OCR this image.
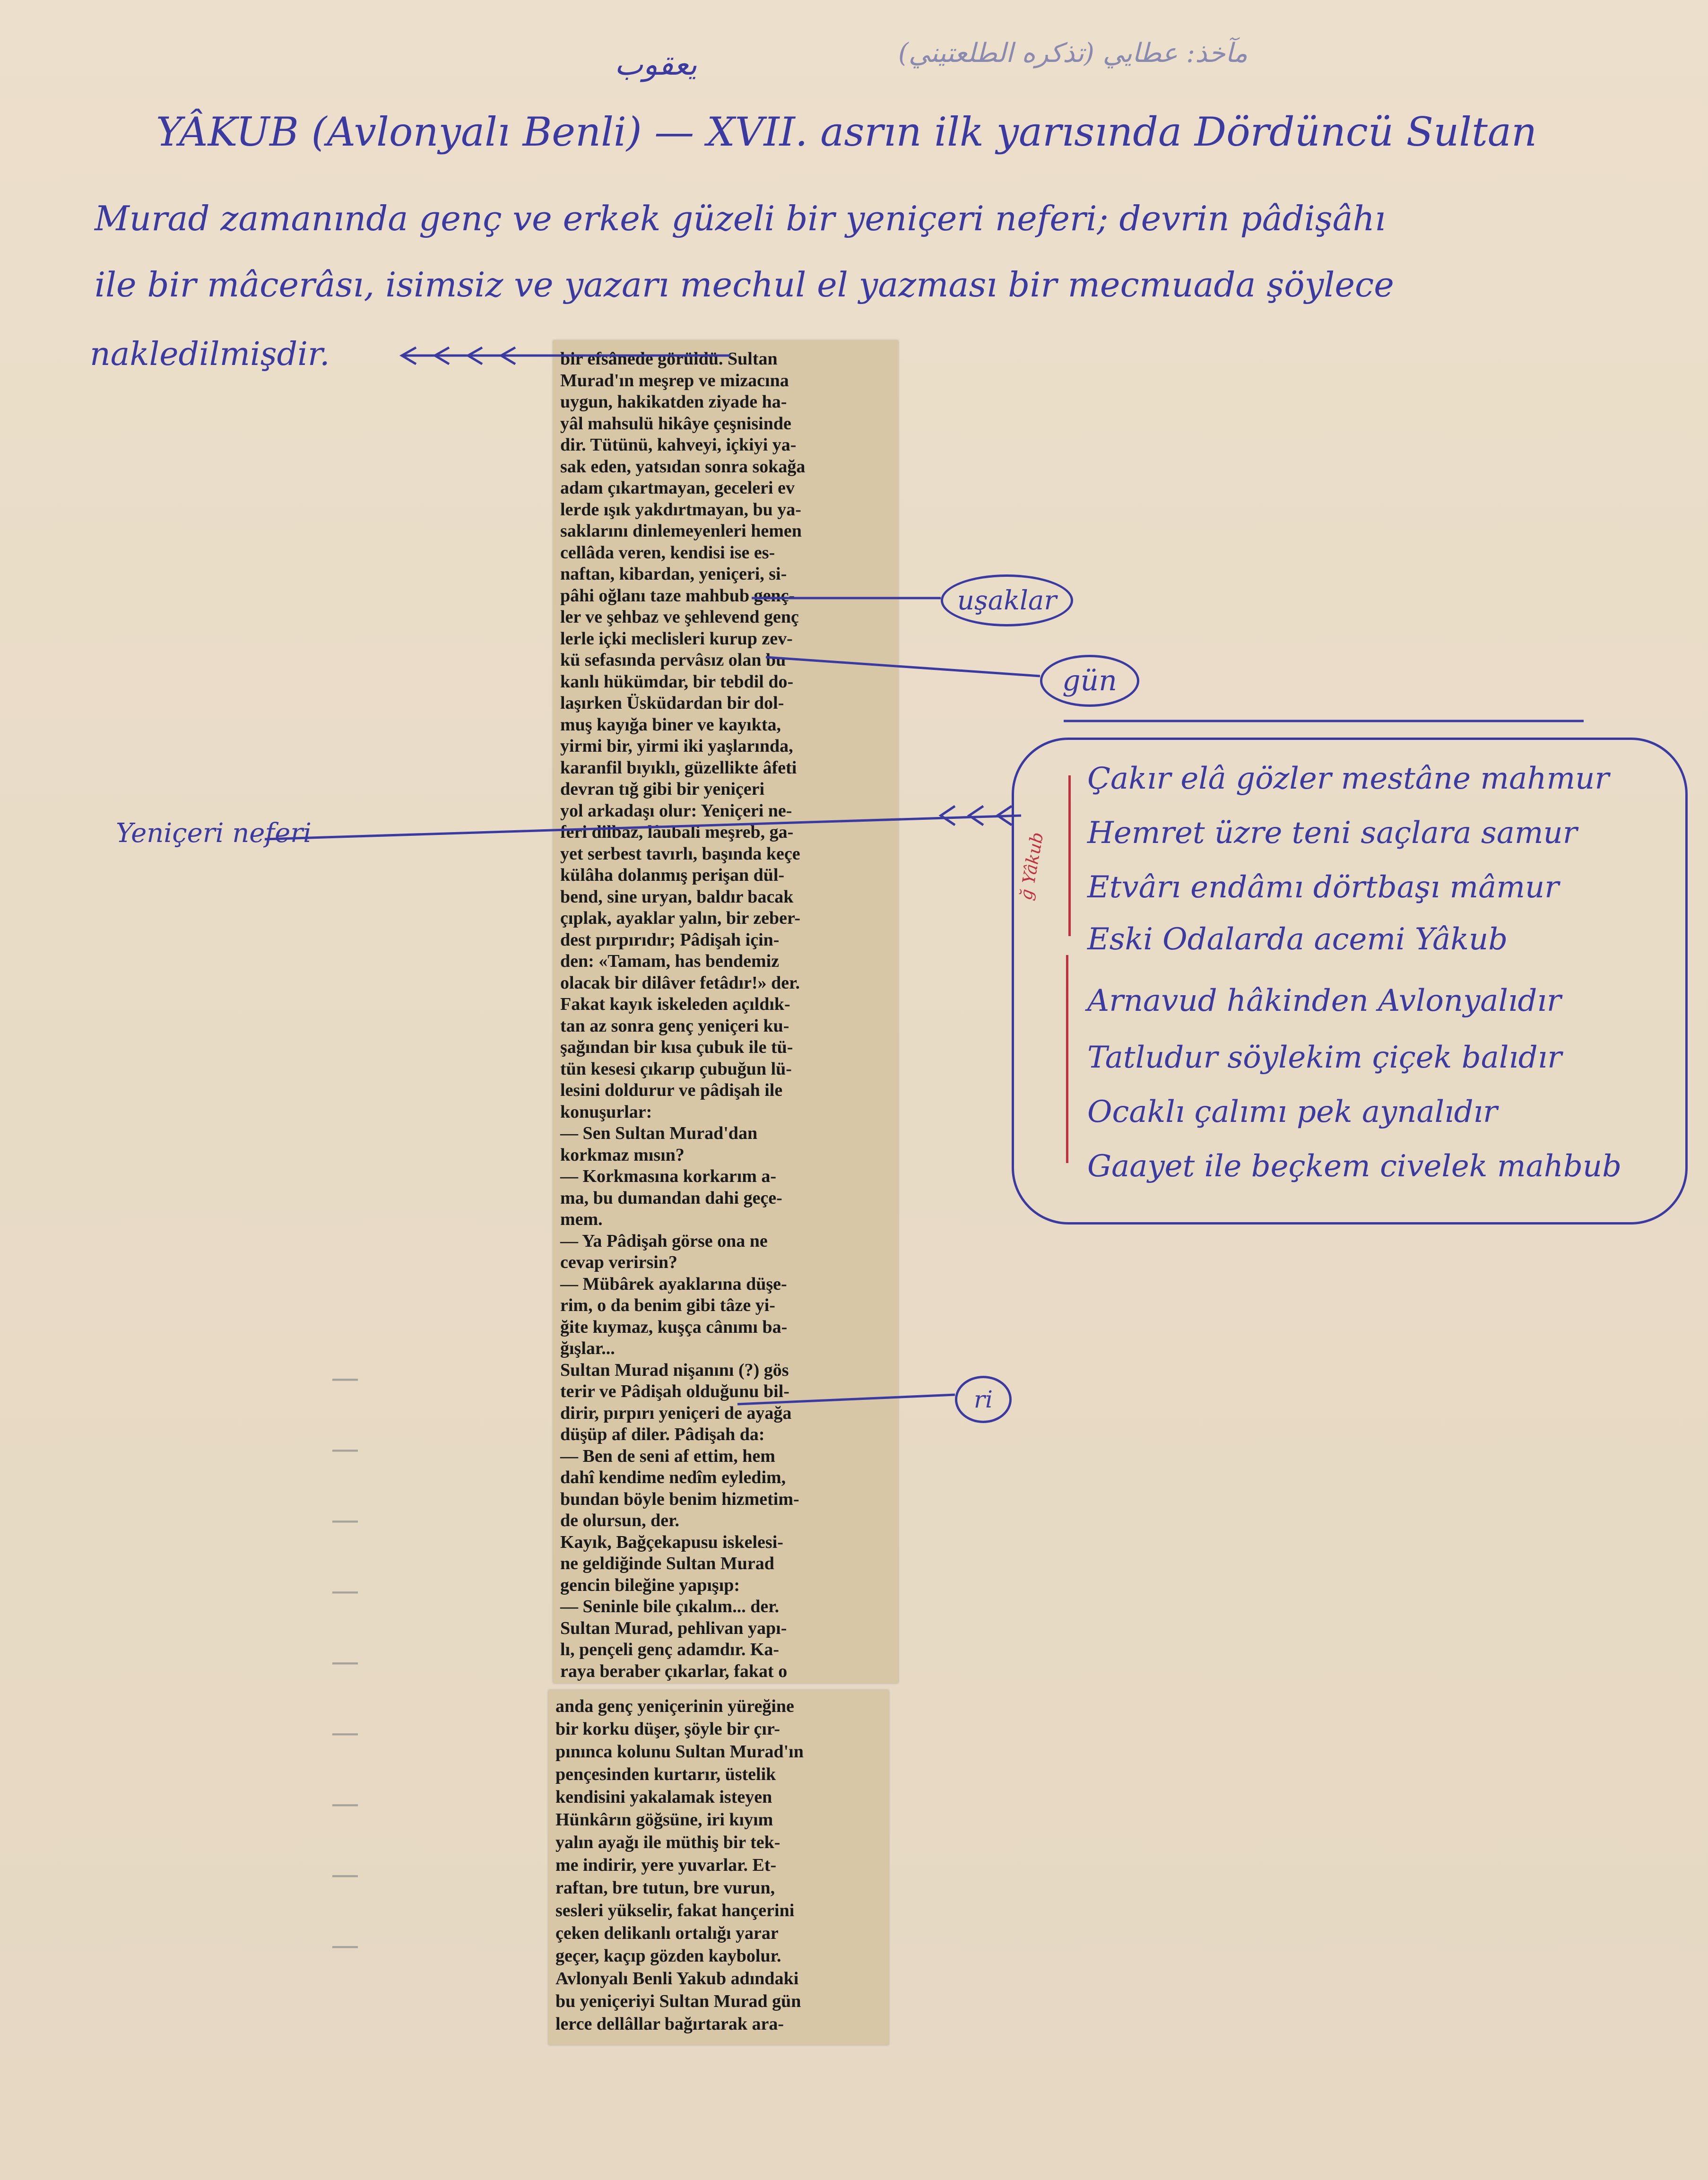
مآخذ: عطايي (تذكره الطلعتيني)
يعقوب
YÂKUB (Avlonyalı Benli) — XVII. asrın ilk yarısında Dördüncü Sultan
Murad zamanında genç ve erkek güzeli bir yeniçeri neferi; devrin pâdişâhı
ile bir mâcerâsı, isimsiz ve yazarı mechul el yazması bir mecmuada şöylece
nakledilmişdir.	bir efsânede görüldü. Sultan
Murad'ın meşrep ve mizacına
uygun, hakikatden ziyade ha-
yâl mahsulü hikâye çeşnisinde
dir. Tütünü, kahveyi, içkiyi ya-
sak eden, yatsıdan sonra sokağa
adam çıkartmayan, geceleri ev
lerde ışık yakdırtmayan, bu ya-
saklarını dinlemeyenleri hemen
cellâda veren, kendisi ise es-
naftan, kibardan, yeniçeri, si-
pâhi oğlanı taze mahbub genç-
ler ve şehbaz ve şehlevend genç
lerle içki meclisleri kurup zev-
kü sefasında pervâsız olan bu
kanlı hükümdar, bir tebdil do-
laşırken Üsküdardan bir dol-
muş kayığa biner ve kayıkta,
yirmi bir, yirmi iki yaşlarında,
karanfil bıyıklı, güzellikte âfeti
devran tığ gibi bir yeniçeri
yol arkadaşı olur: Yeniçeri ne-
feri dilbaz, lâübali meşreb, ga-
yet serbest tavırlı, başında keçe
külâha dolanmış perişan dül-
bend, sine uryan, baldır bacak
çıplak, ayaklar yalın, bir zeber-
dest pırpırıdır; Pâdişah için-
den: «Tamam, has bendemiz
olacak bir dilâver fetâdır!» der.
Fakat kayık iskeleden açıldık-
tan az sonra genç yeniçeri ku-
şağından bir kısa çubuk ile tü-
tün kesesi çıkarıp çubuğun lü-
lesini doldurur ve pâdişah ile
konuşurlar:
— Sen Sultan Murad'dan
korkmaz mısın?
— Korkmasına korkarım a-
ma, bu dumandan dahi geçe-
mem.
— Ya Pâdişah görse ona ne
cevap verirsin?
— Mübârek ayaklarına düşe-
rim, o da benim gibi tâze yi-
ğite kıymaz, kuşça cânımı ba-
ğışlar...
Sultan Murad nişanını (?) gös
terir ve Pâdişah olduğunu bil-
dirir, pırpırı yeniçeri de ayağa
düşüp af diler. Pâdişah da:
— Ben de seni af ettim, hem
dahî kendime nedîm eyledim,
bundan böyle benim hizmetim-
de olursun, der.
Kayık, Bağçekapusu iskelesi-
ne geldiğinde Sultan Murad
gencin bileğine yapışıp:
— Seninle bile çıkalım... der.
Sultan Murad, pehlivan yapı-
lı, pençeli genç adamdır. Ka-
raya beraber çıkarlar, fakat o
anda genç yeniçerinin yüreğine
bir korku düşer, şöyle bir çır-
pınınca kolunu Sultan Murad'ın
pençesinden kurtarır, üstelik
kendisini yakalamak isteyen
Hünkârın göğsüne, iri kıyım
yalın ayağı ile müthiş bir tek-
me indirir, yere yuvarlar. Et-
raftan, bre tutun, bre vurun,
sesleri yükselir, fakat hançerini
çeken delikanlı ortalığı yarar
geçer, kaçıp gözden kaybolur.
Avlonyalı Benli Yakub adındaki
bu yeniçeriyi Sultan Murad gün
lerce dellâllar bağırtarak ara-
uşaklar
gün
ri
Yeniçeri neferi	ğ Yâkub
Çakır elâ gözler mestâne mahmur
Hemret üzre teni saçlara samur
Etvârı endâmı dörtbaşı mâmur
Eski Odalarda acemi Yâkub
Arnavud hâkinden Avlonyalıdır
Tatludur söylekim çiçek balıdır
Ocaklı çalımı pek aynalıdır
Gaayet ile beçkem civelek mahbub
—
—
—
—
—
—
—
—
—
